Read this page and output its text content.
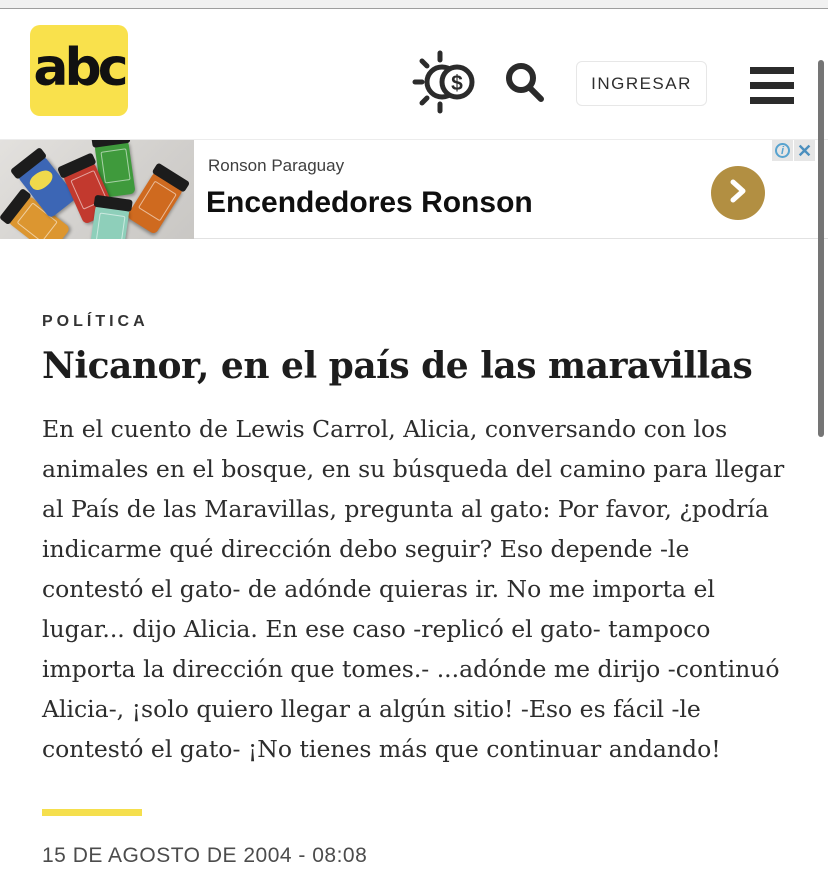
abc	$	INGRESAR
Ronson Paraguay
Encendedores Ronson
i ✕
POLÍTICA
Nicanor, en el país de las maravillas

En el cuento de Lewis Carrol, Alicia, conversando con los animales en el bosque, en su búsqueda del camino para llegar al País de las Maravillas, pregunta al gato: Por favor, ¿podría indicarme qué dirección debo seguir? Eso depende -le contestó el gato- de adónde quieras ir. No me importa el lugar... dijo Alicia. En ese caso -replicó el gato- tampoco importa la dirección que tomes.- ...adónde me dirijo -continuó Alicia-, ¡solo quiero llegar a algún sitio! -Eso es fácil -le contestó el gato- ¡No tienes más que continuar andando!

15 DE AGOSTO DE 2004 - 08:08
